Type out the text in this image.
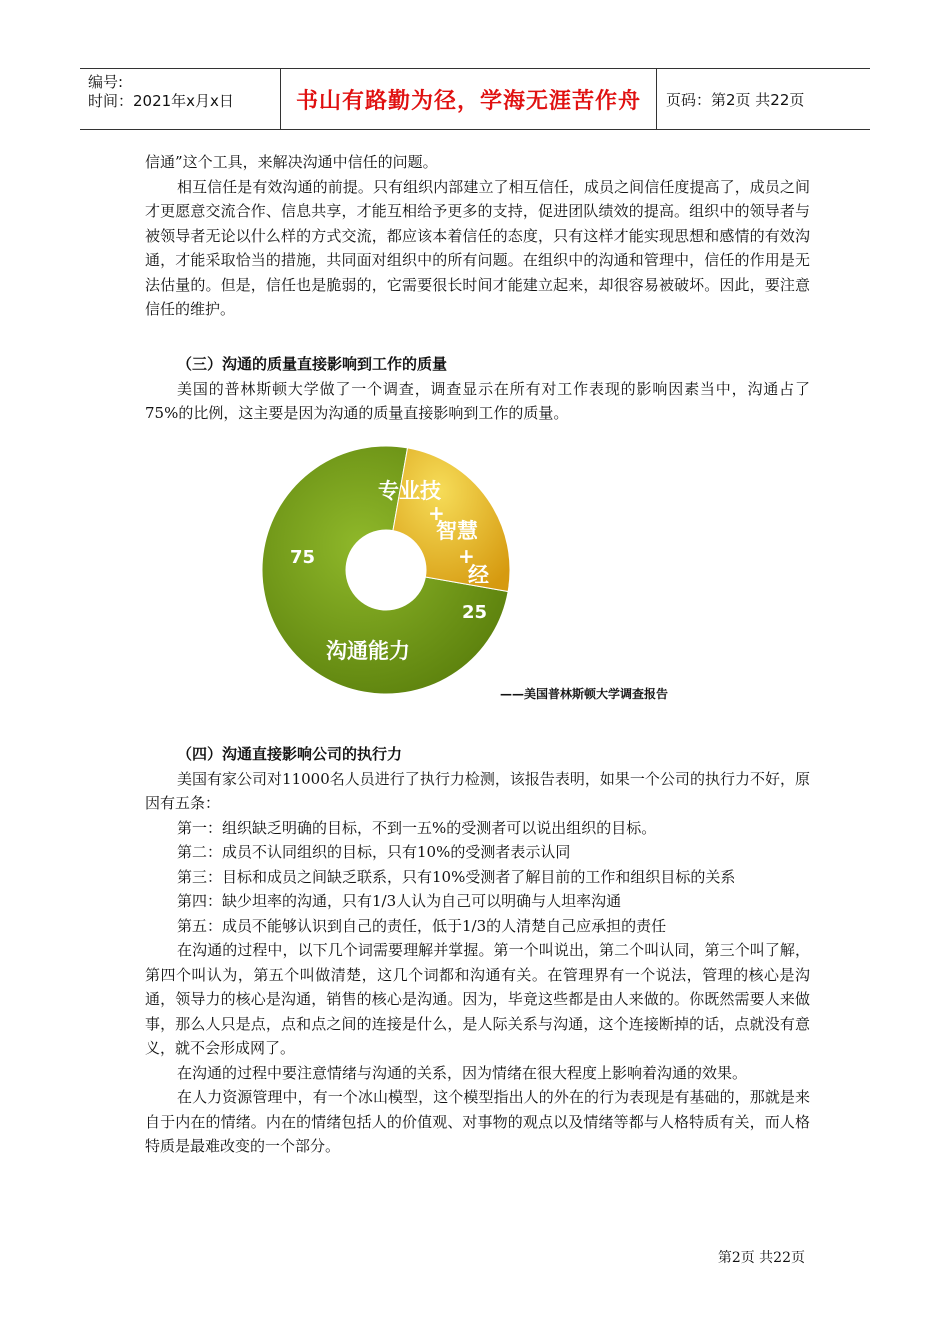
编号:
时间：2021年x月x日	书山有路勤为径，学海无涯苦作舟	页码：第2页 共22页

信通”这个工具，来解决沟通中信任的问题。

相互信任是有效沟通的前提。只有组织内部建立了相互信任，成员之间信任度提高了，成员之间才更愿意交流合作、信息共享，才能互相给予更多的支持，促进团队绩效的提高。组织中的领导者与被领导者无论以什么样的方式交流，都应该本着信任的态度，只有这样才能实现思想和感情的有效沟通，才能采取恰当的措施，共同面对组织中的所有问题。在组织中的沟通和管理中，信任的作用是无法估量的。但是，信任也是脆弱的，它需要很长时间才能建立起来，却很容易被破坏。因此，要注意信任的维护。

（三）沟通的质量直接影响到工作的质量

美国的普林斯顿大学做了一个调查，调查显示在所有对工作表现的影响因素当中，沟通占了75%的比例，这主要是因为沟通的质量直接影响到工作的质量。

75
沟通能力
专业技
+
智慧
+
经
25
——美国普林斯顿大学调查报告

（四）沟通直接影响公司的执行力

美国有家公司对11000名人员进行了执行力检测，该报告表明，如果一个公司的执行力不好，原因有五条：

第一：组织缺乏明确的目标，不到一五%的受测者可以说出组织的目标。

第二：成员不认同组织的目标，只有10%的受测者表示认同

第三：目标和成员之间缺乏联系，只有10%受测者了解目前的工作和组织目标的关系

第四：缺少坦率的沟通，只有1/3人认为自己可以明确与人坦率沟通

第五：成员不能够认识到自己的责任，低于1/3的人清楚自己应承担的责任

在沟通的过程中，以下几个词需要理解并掌握。第一个叫说出，第二个叫认同，第三个叫了解，第四个叫认为，第五个叫做清楚，这几个词都和沟通有关。在管理界有一个说法，管理的核心是沟通，领导力的核心是沟通，销售的核心是沟通。因为，毕竟这些都是由人来做的。你既然需要人来做事，那么人只是点，点和点之间的连接是什么，是人际关系与沟通，这个连接断掉的话，点就没有意义，就不会形成网了。

在沟通的过程中要注意情绪与沟通的关系，因为情绪在很大程度上影响着沟通的效果。

在人力资源管理中，有一个冰山模型，这个模型指出人的外在的行为表现是有基础的，那就是来自于内在的情绪。内在的情绪包括人的价值观、对事物的观点以及情绪等都与人格特质有关，而人格特质是最难改变的一个部分。

第2页 共22页
